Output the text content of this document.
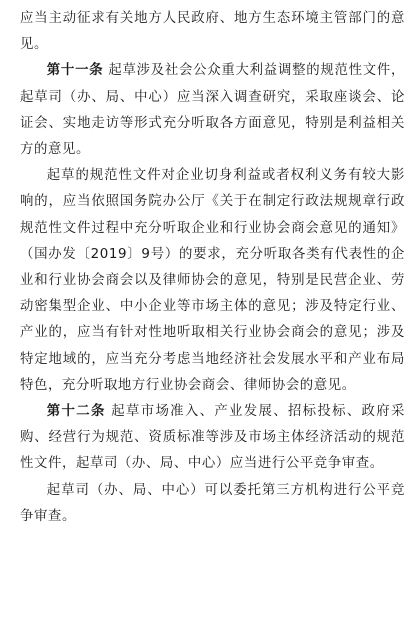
应当主动征求有关地方人民政府、地方生态环境主管部门的意见。

第十一条 起草涉及社会公众重大利益调整的规范性文件，起草司（办、局、中心）应当深入调查研究，采取座谈会、论证会、实地走访等形式充分听取各方面意见，特别是利益相关方的意见。

起草的规范性文件对企业切身利益或者权利义务有较大影响的，应当依照国务院办公厅《关于在制定行政法规规章行政规范性文件过程中充分听取企业和行业协会商会意见的通知》（国办发〔2019〕9号）的要求，充分听取各类有代表性的企业和行业协会商会以及律师协会的意见，特别是民营企业、劳动密集型企业、中小企业等市场主体的意见；涉及特定行业、产业的，应当有针对性地听取相关行业协会商会的意见；涉及特定地域的，应当充分考虑当地经济社会发展水平和产业布局特色，充分听取地方行业协会商会、律师协会的意见。

第十二条 起草市场准入、产业发展、招标投标、政府采购、经营行为规范、资质标准等涉及市场主体经济活动的规范性文件，起草司（办、局、中心）应当进行公平竞争审查。

起草司（办、局、中心）可以委托第三方机构进行公平竞争审查。
